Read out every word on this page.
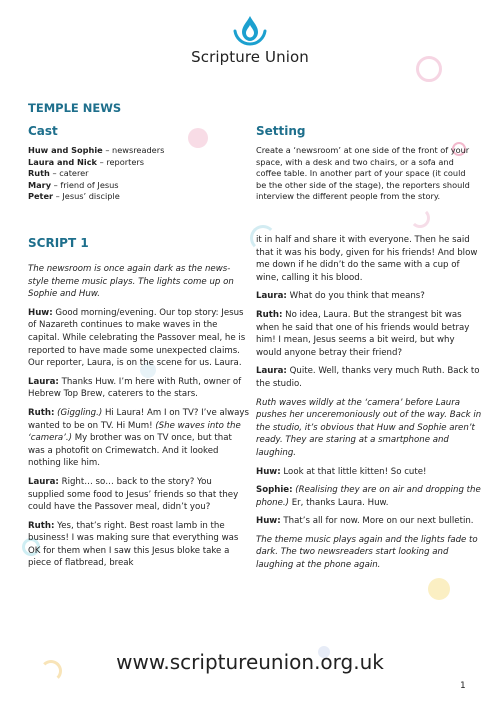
Scripture Union
TEMPLE NEWS
Cast
Huw and Sophie – newsreaders
Laura and Nick – reporters
Ruth – caterer
Mary – friend of Jesus
Peter – Jesus’ disciple
Setting
Create a ‘newsroom’ at one side of the front of your space, with a desk and two chairs, or a sofa and coffee table. In another part of your space (it could be the other side of the stage), the reporters should interview the different people from the story.
SCRIPT 1

The newsroom is once again dark as the news-style theme music plays. The lights come up on Sophie and Huw.

Huw: Good morning/evening. Our top story: Jesus of Nazareth continues to make waves in the capital. While celebrating the Passover meal, he is reported to have made some unexpected claims. Our reporter, Laura, is on the scene for us. Laura.

Laura: Thanks Huw. I’m here with Ruth, owner of Hebrew Top Brew, caterers to the stars.

Ruth: (Giggling.) Hi Laura! Am I on TV? I’ve always wanted to be on TV. Hi Mum! (She waves into the ‘camera’.) My brother was on TV once, but that was a photofit on Crimewatch. And it looked nothing like him.

Laura: Right… so… back to the story? You supplied some food to Jesus’ friends so that they could have the Passover meal, didn’t you?

Ruth: Yes, that’s right. Best roast lamb in the business! I was making sure that everything was OK for them when I saw this Jesus bloke take a piece of flatbread, break

it in half and share it with everyone. Then he said that it was his body, given for his friends! And blow me down if he didn’t do the same with a cup of wine, calling it his blood.

Laura: What do you think that means?

Ruth: No idea, Laura. But the strangest bit was when he said that one of his friends would betray him! I mean, Jesus seems a bit weird, but why would anyone betray their friend?

Laura: Quite. Well, thanks very much Ruth. Back to the studio.

Ruth waves wildly at the ‘camera’ before Laura pushes her unceremoniously out of the way. Back in the studio, it’s obvious that Huw and Sophie aren’t ready. They are staring at a smartphone and laughing.

Huw: Look at that little kitten! So cute!

Sophie: (Realising they are on air and dropping the phone.) Er, thanks Laura. Huw.

Huw: That’s all for now. More on our next bulletin.

The theme music plays again and the lights fade to dark. The two newsreaders start looking and laughing at the phone again.

www.scriptureunion.org.uk
1
